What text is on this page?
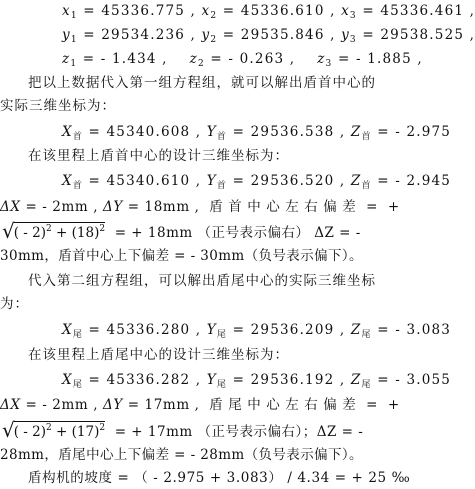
$x_1 = 45336.775$ , $x_2 = 45336.610$ , $x_3 = 45336.461$ ,
$y_1 = 29534.236$ , $y_2 = 29535.846$ , $y_3 = 29538.525$ ,
$z_1$ = - 1.434 ,    $z_2$ = - 0.263 ,    $z_3$ = - 1.885 ,
把以上数据代入第一组方程组，就可以解出盾首中心的
实际三维坐标为：
$X_首 = 45340.608$ , $Y_首 = 29536.538$ , $Z_首$ = - 2.975
在该里程上盾首中心的设计三维坐标为：
$X_首 = 45340.610$ , $Y_首 = 29536.520$ , $Z_首$ = - 2.945
ΔX = - 2mm , ΔY = 18mm ,  盾 首 中 心 左 右 偏 差  =  +
√( - $2)^2 + (18)^2$  = + 18mm （正号表示偏右） ΔZ = -
30mm，盾首中心上下偏差 = - 30mm（负号表示偏下）。
代入第二组方程组，可以解出盾尾中心的实际三维坐标
为：
$X_尾 = 45336.280$ , $Y_尾 = 29536.209$ , $Z_尾$ = - 3.083
在该里程上盾尾中心的设计三维坐标为：
$X_尾 = 45336.282$ , $Y_尾 = 29536.192$ , $Z_尾$ = - 3.055
ΔX = - 2mm , ΔY = 17mm ,  盾 尾 中 心 左 右 偏 差  =  +
√( - $2)^2 + (17)^2$  = + 17mm （正号表示偏右）；ΔZ = -
28mm，盾尾中心上下偏差 = - 28mm（负号表示偏下）。
盾构机的坡度 = （ - 2.975 + 3.083） / 4.34 = + 25 ‰
